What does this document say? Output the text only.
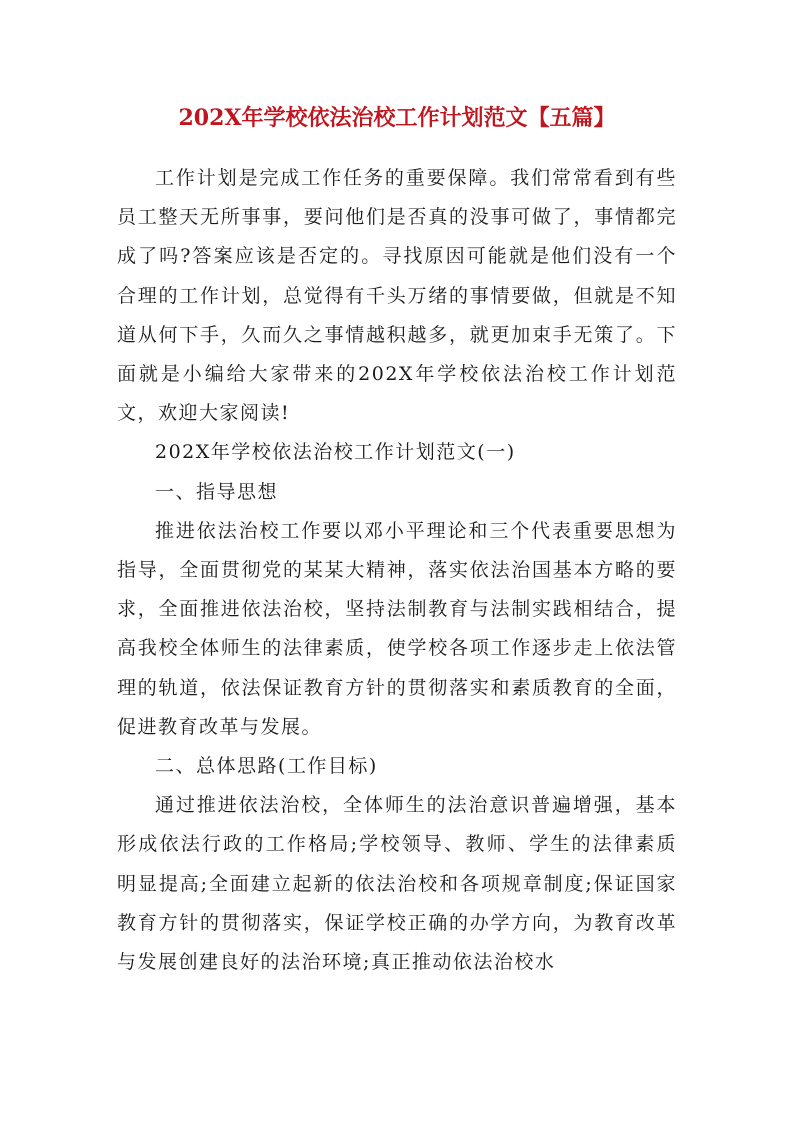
202X年学校依法治校工作计划范文【五篇】

工作计划是完成工作任务的重要保障。我们常常看到有些员工整天无所事事，要问他们是否真的没事可做了，事情都完成了吗?答案应该是否定的。寻找原因可能就是他们没有一个合理的工作计划，总觉得有千头万绪的事情要做，但就是不知道从何下手，久而久之事情越积越多，就更加束手无策了。下面就是小编给大家带来的202X年学校依法治校工作计划范文，欢迎大家阅读!

202X年学校依法治校工作计划范文(一)

一、指导思想

推进依法治校工作要以邓小平理论和三个代表重要思想为指导，全面贯彻党的某某大精神，落实依法治国基本方略的要求，全面推进依法治校，坚持法制教育与法制实践相结合，提高我校全体师生的法律素质，使学校各项工作逐步走上依法管理的轨道，依法保证教育方针的贯彻落实和素质教育的全面，促进教育改革与发展。

二、总体思路(工作目标)

通过推进依法治校，全体师生的法治意识普遍增强，基本形成依法行政的工作格局;学校领导、教师、学生的法律素质明显提高;全面建立起新的依法治校和各项规章制度;保证国家教育方针的贯彻落实，保证学校正确的办学方向，为教育改革与发展创建良好的法治环境;真正推动依法治校水
